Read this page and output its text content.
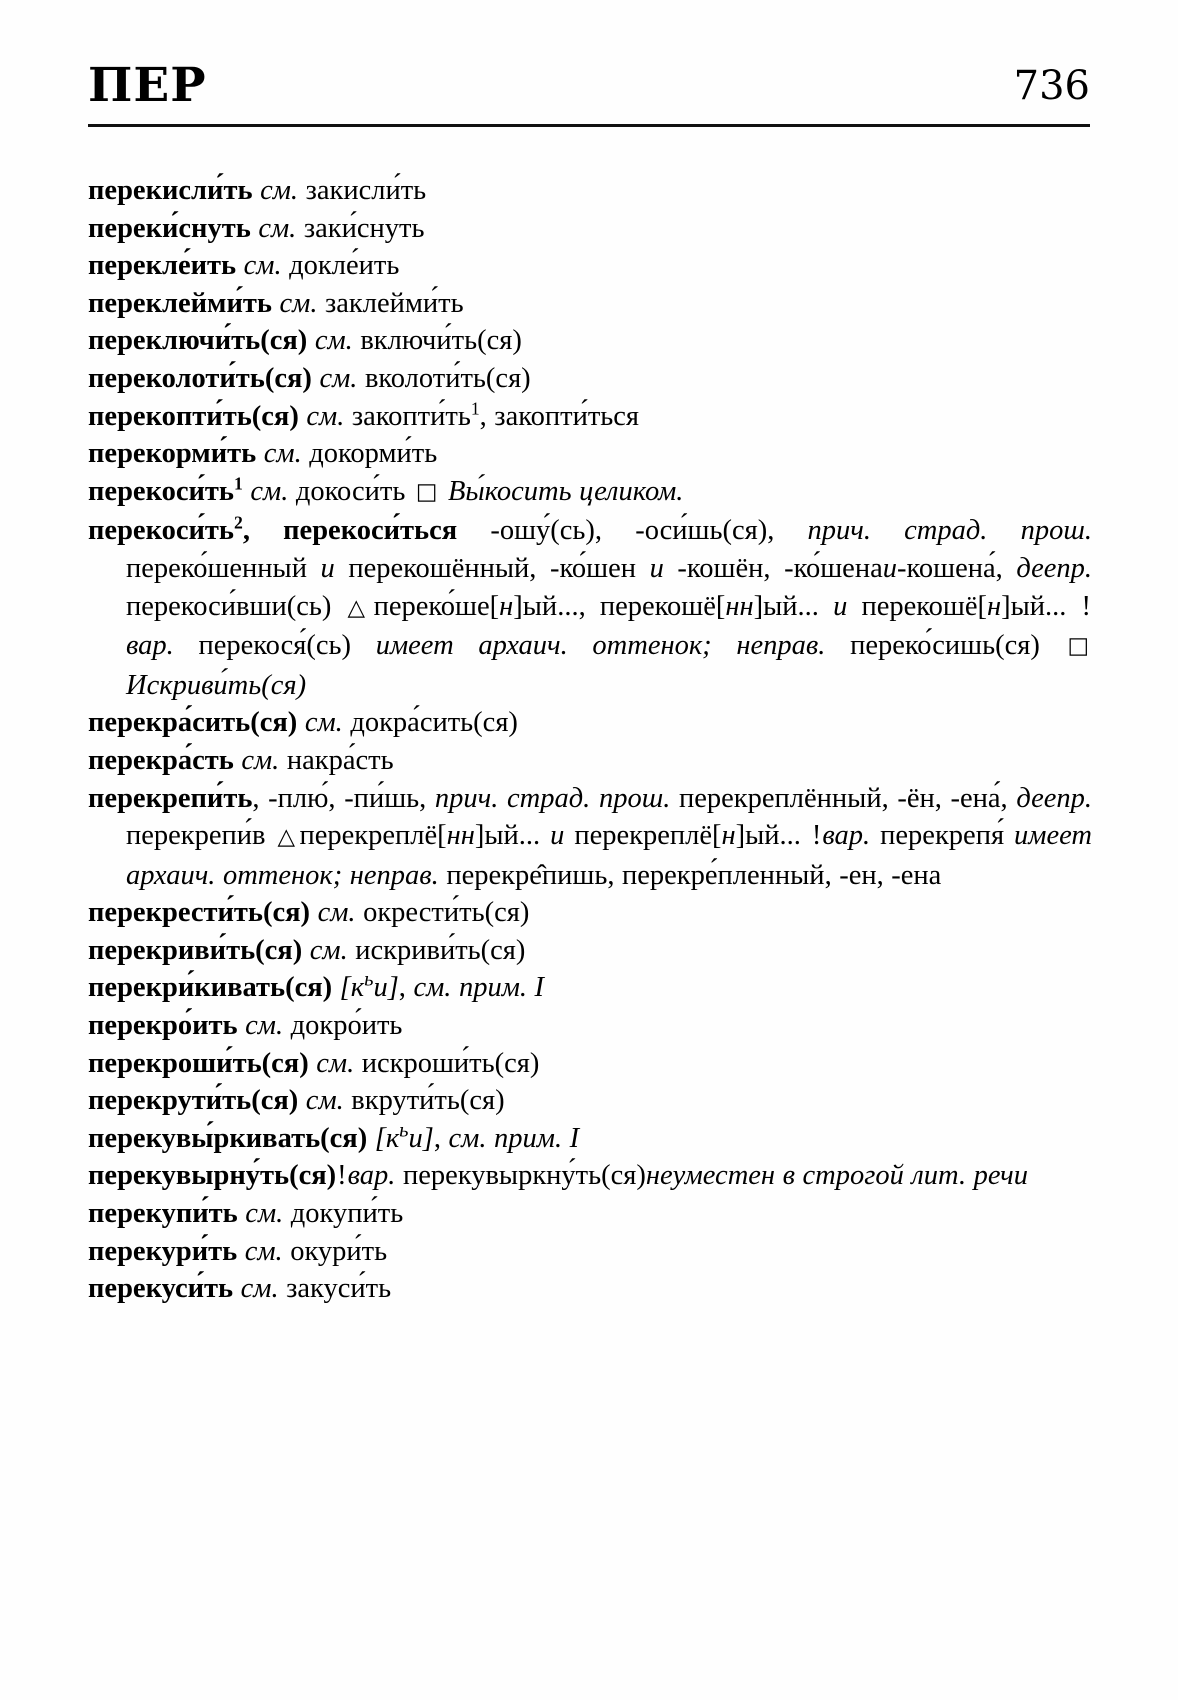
ПЕР	736

перекисли́ть см. закисли́ть

переки́снуть см. заки́снуть

перекле́ить см. докле́ить

переклейми́ть см. заклейми́ть

переключи́ть(ся) см. включи́ть(ся)

переколоти́ть(ся) см. вколоти́ть(ся)

перекопти́ть(ся) см. $закопти́ть^1$, закопти́ться

перекорми́ть см. докорми́ть

$перекоси́ть^1$ см. докоси́ть □ Вы́косить целиком.

$перекоси́ть^2$, перекоси́ться -ошу́(сь), -оси́шь(ся), прич. страд. прош. переко́шенный и перекошённый, -ко́шен и -кошён, -ко́шенаи-кошена́, деепр. перекоси́вши(сь) △переко́ше[н]ый..., перекошё[нн]ый... и перекошё[н]ый... !вар. перекося́(сь) имеет архаич. оттенок; неправ. переко́сишь(ся) □ Искриви́ть(ся)

перекра́сить(ся) см. докра́сить(ся)

перекра́сть см. накра́сть

перекрепи́ть, -плю́, -пи́шь, прич. страд. прош. перекреплённый, -ён, -ена́, деепр. перекрепи́в △перекреплё[нн]ый... и перекреплё[н]ый... !вар. перекрепя́ имеет архаич. оттенок; неправ. перекре̂пишь, перекре́пленный, -ен, -ена

перекрести́ть(ся) см. окрести́ть(ся)

перекриви́ть(ся) см. искриви́ть(ся)

перекри́кивать(ся) $[к^ьи]$, см. прим. I

перекро́ить см. докро́ить

перекроши́ть(ся) см. искроши́ть(ся)

перекрути́ть(ся) см. вкрути́ть(ся)

перекувы́ркивать(ся) $[к^ьи]$, см. прим. I

перекувырну́ть(ся)!вар. перекувыркну́ть(ся)неуместен в строгой лит. речи

перекупи́ть см. докупи́ть

перекури́ть см. окури́ть

перекуси́ть см. закуси́ть
